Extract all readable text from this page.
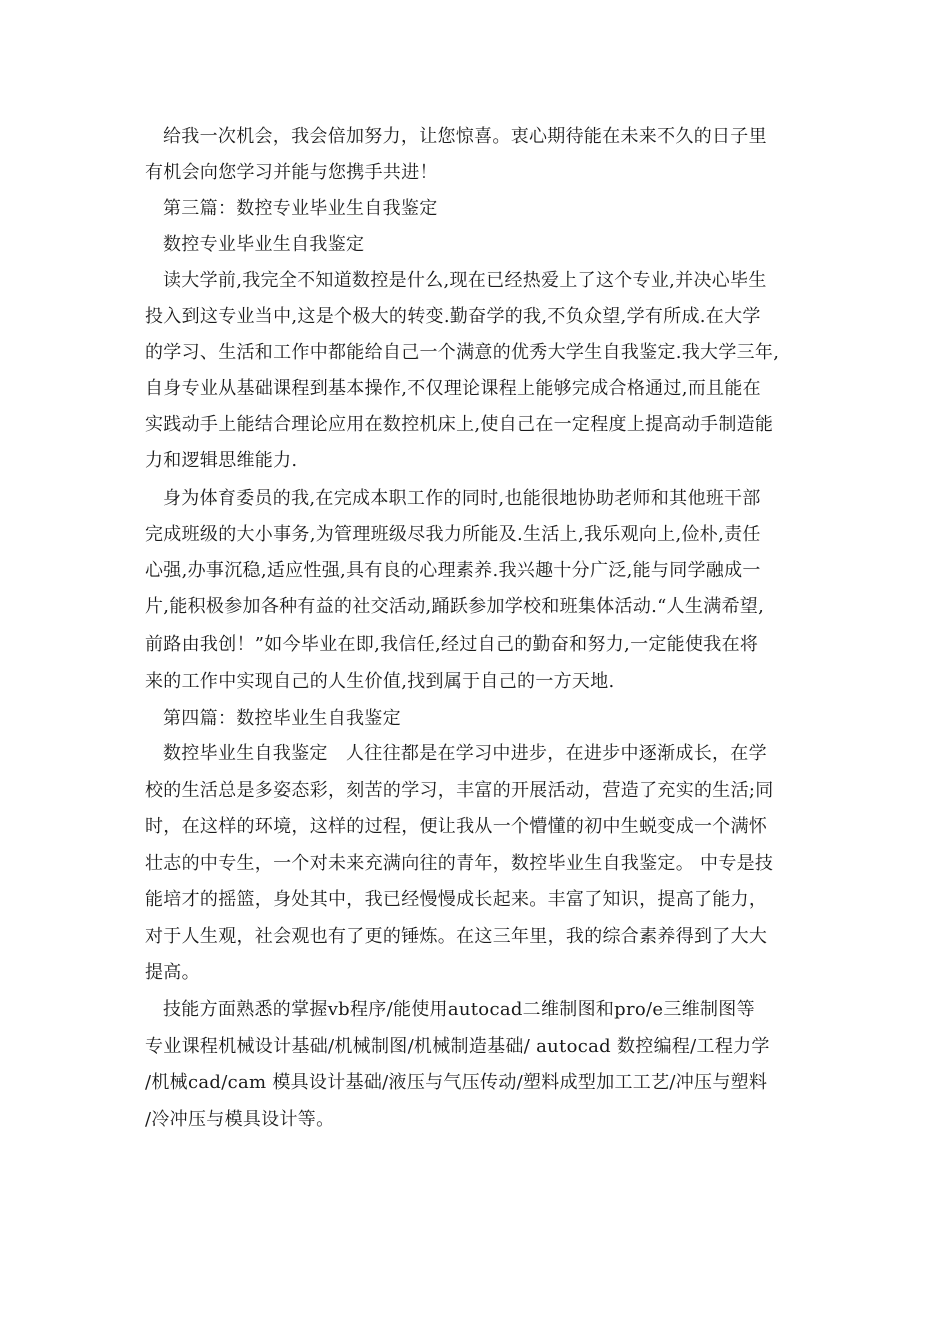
给我一次机会，我会倍加努力，让您惊喜。衷心期待能在未来不久的日子里
有机会向您学习并能与您携手共进！
第三篇：数控专业毕业生自我鉴定
数控专业毕业生自我鉴定
读大学前,我完全不知道数控是什么,现在已经热爱上了这个专业,并决心毕生
投入到这专业当中,这是个极大的转变.勤奋学的我,不负众望,学有所成.在大学
的学习、生活和工作中都能给自己一个满意的优秀大学生自我鉴定.我大学三年,
自身专业从基础课程到基本操作,不仅理论课程上能够完成合格通过,而且能在
实践动手上能结合理论应用在数控机床上,使自己在一定程度上提高动手制造能
力和逻辑思维能力.
身为体育委员的我,在完成本职工作的同时,也能很地协助老师和其他班干部
完成班级的大小事务,为管理班级尽我力所能及.生活上,我乐观向上,俭朴,责任
心强,办事沉稳,适应性强,具有良的心理素养.我兴趣十分广泛,能与同学融成一
片,能积极参加各种有益的社交活动,踊跃参加学校和班集体活动.“人生满希望,
前路由我创！”如今毕业在即,我信任,经过自己的勤奋和努力,一定能使我在将
来的工作中实现自己的人生价值,找到属于自己的一方天地.
第四篇：数控毕业生自我鉴定
数控毕业生自我鉴定　人往往都是在学习中进步，在进步中逐渐成长，在学
校的生活总是多姿态彩，刻苦的学习，丰富的开展活动，营造了充实的生活;同
时，在这样的环境，这样的过程，便让我从一个懵懂的初中生蜕变成一个满怀
壮志的中专生，一个对未来充满向往的青年，数控毕业生自我鉴定。 中专是技
能培才的摇篮，身处其中，我已经慢慢成长起来。丰富了知识，提高了能力，
对于人生观，社会观也有了更的锤炼。在这三年里，我的综合素养得到了大大
提高。
技能方面熟悉的掌握vb程序/能使用autocad二维制图和pro/e三维制图等
专业课程机械设计基础/机械制图/机械制造基础/ autocad 数控编程/工程力学
/机械cad/cam 模具设计基础/液压与气压传动/塑料成型加工工艺/冲压与塑料
/冷冲压与模具设计等。
